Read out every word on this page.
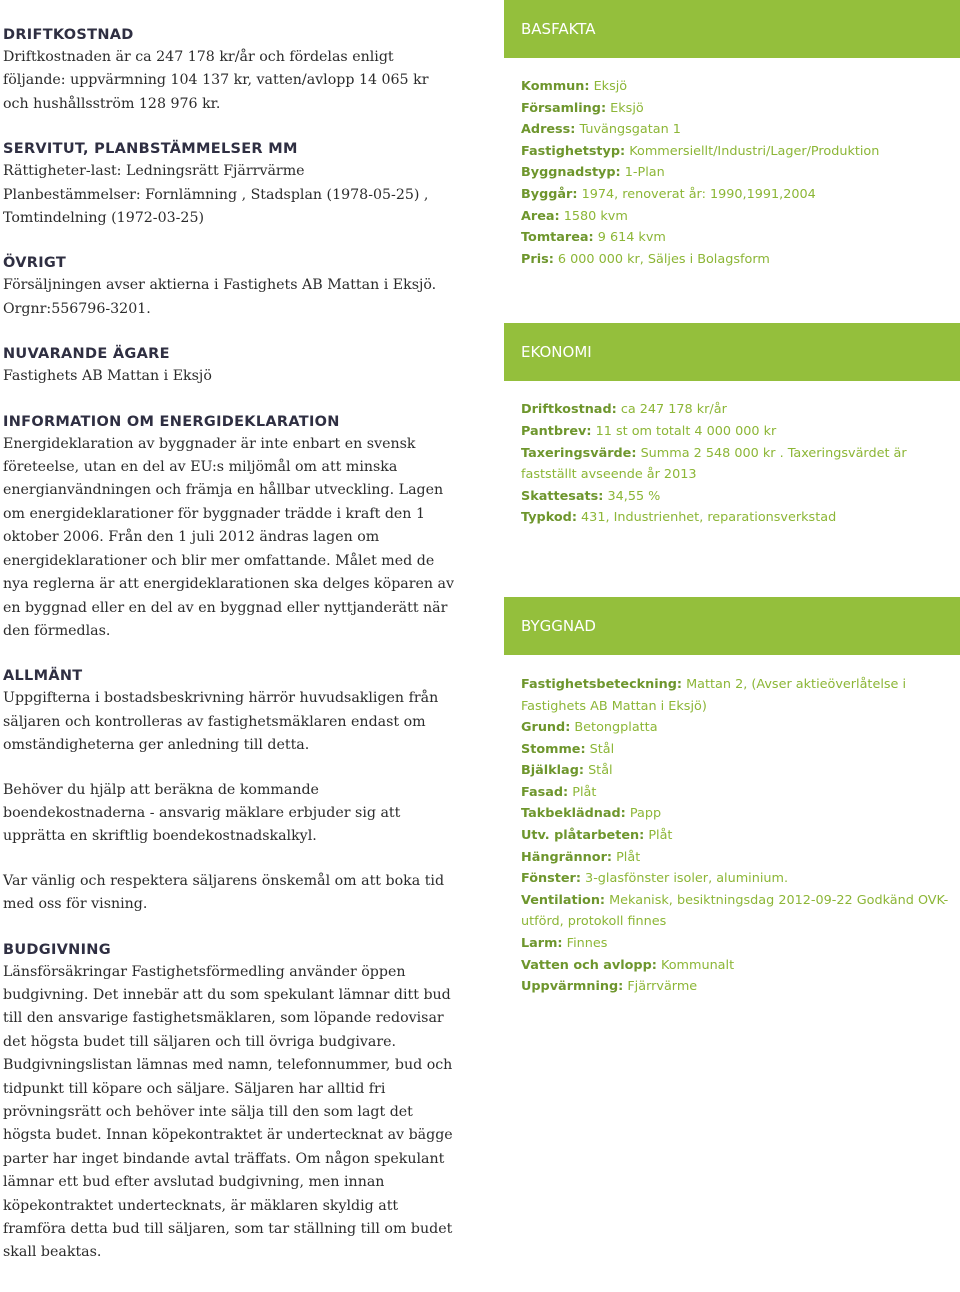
DRIFTKOSTNAD

Driftkostnaden är ca 247 178 kr/år och fördelas enligt följande: uppvärmning 104 137 kr, vatten/avlopp 14 065 kr och hushållsström 128 976 kr.

SERVITUT, PLANBSTÄMMELSER MM

Rättigheter-last: Ledningsrätt Fjärrvärme

Planbestämmelser: Fornlämning , Stadsplan (1978-05-25) ,

Tomtindelning (1972-03-25)

ÖVRIGT

Försäljningen avser aktierna i Fastighets AB Mattan i Eksjö.

Orgnr:556796-3201.

NUVARANDE ÄGARE

Fastighets AB Mattan i Eksjö

INFORMATION OM ENERGIDEKLARATION

Energideklaration av byggnader är inte enbart en svensk företeelse, utan en del av EU:s miljömål om att minska energianvändningen och främja en hållbar utveckling. Lagen om energideklarationer för byggnader trädde i kraft den 1 oktober 2006. Från den 1 juli 2012 ändras lagen om energideklarationer och blir mer omfattande. Målet med de nya reglerna är att energideklarationen ska delges köparen av en byggnad eller en del av en byggnad eller nyttjanderätt när den förmedlas.

ALLMÄNT

Uppgifterna i bostadsbeskrivning härrör huvudsakligen från säljaren och kontrolleras av fastighetsmäklaren endast om omständigheterna ger anledning till detta.

Behöver du hjälp att beräkna de kommande boendekostnaderna - ansvarig mäklare erbjuder sig att upprätta en skriftlig boendekostnadskalkyl.

Var vänlig och respektera säljarens önskemål om att boka tid med oss för visning.

BUDGIVNING

Länsförsäkringar Fastighetsförmedling använder öppen budgivning. Det innebär att du som spekulant lämnar ditt bud till den ansvarige fastighetsmäklaren, som löpande redovisar det högsta budet till säljaren och till övriga budgivare. Budgivningslistan lämnas med namn, telefonnummer, bud och tidpunkt till köpare och säljare. Säljaren har alltid fri prövningsrätt och behöver inte sälja till den som lagt det högsta budet. Innan köpekontraktet är undertecknat av bägge parter har inget bindande avtal träffats. Om någon spekulant lämnar ett bud efter avslutad budgivning, men innan köpekontraktet undertecknats, är mäklaren skyldig att framföra detta bud till säljaren, som tar ställning till om budet skall beaktas.

BASFAKTA
Kommun: Eksjö
Församling: Eksjö
Adress: Tuvängsgatan 1
Fastighetstyp: Kommersiellt/Industri/Lager/Produktion
Byggnadstyp: 1-Plan
Byggår: 1974, renoverat år: 1990,1991,2004
Area: 1580 kvm
Tomtarea: 9 614 kvm
Pris: 6 000 000 kr, Säljes i Bolagsform
EKONOMI
Driftkostnad: ca 247 178 kr/år
Pantbrev: 11 st om totalt 4 000 000 kr
Taxeringsvärde: Summa 2 548 000 kr . Taxeringsvärdet är fastställt avseende år 2013
Skattesats: 34,55 %
Typkod: 431, Industrienhet, reparationsverkstad
BYGGNAD
Fastighetsbeteckning: Mattan 2, (Avser aktieöverlåtelse i Fastighets AB Mattan i Eksjö)
Grund: Betongplatta
Stomme: Stål
Bjälklag: Stål
Fasad: Plåt
Takbeklädnad: Papp
Utv. plåtarbeten: Plåt
Hängrännor: Plåt
Fönster: 3-glasfönster isoler, aluminium.
Ventilation: Mekanisk, besiktningsdag 2012-09-22 Godkänd OVK-utförd, protokoll finnes
Larm: Finnes
Vatten och avlopp: Kommunalt
Uppvärmning: Fjärrvärme
